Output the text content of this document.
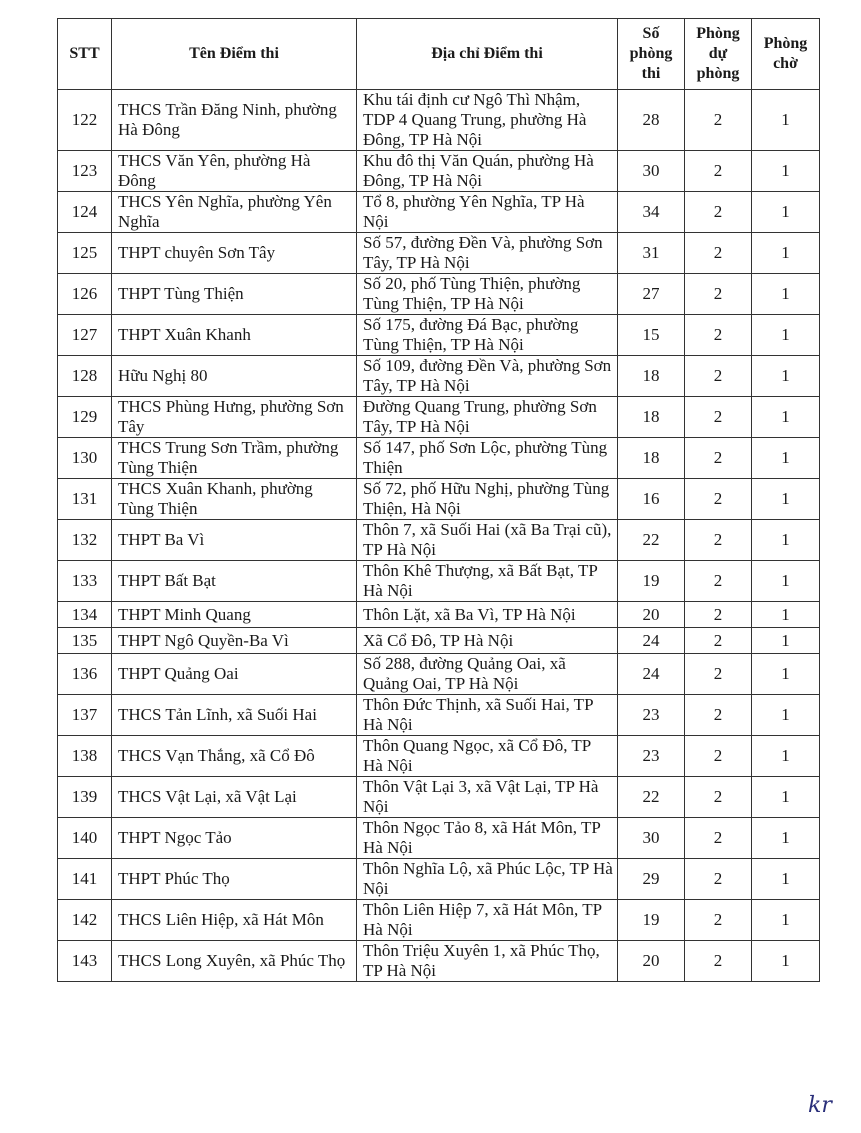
STT	Tên Điểm thi	Địa chỉ Điểm thi	Số phòng thi	Phòng dự phòng	Phòng chờ
122	THCS Trần Đăng Ninh, phường Hà Đông	Khu tái định cư Ngô Thì Nhậm, TDP 4 Quang Trung, phường Hà Đông, TP Hà Nội	28	2	1
123	THCS Văn Yên, phường Hà Đông	Khu đô thị Văn Quán, phường Hà Đông, TP Hà Nội	30	2	1
124	THCS Yên Nghĩa, phường Yên Nghĩa	Tổ 8, phường Yên Nghĩa, TP Hà Nội	34	2	1
125	THPT chuyên Sơn Tây	Số 57, đường Đền Và, phường Sơn Tây, TP Hà Nội	31	2	1
126	THPT Tùng Thiện	Số 20, phố Tùng Thiện, phường Tùng Thiện, TP Hà Nội	27	2	1
127	THPT Xuân Khanh	Số 175, đường Đá Bạc, phường Tùng Thiện, TP Hà Nội	15	2	1
128	Hữu Nghị 80	Số 109, đường Đền Và, phường Sơn Tây, TP Hà Nội	18	2	1
129	THCS Phùng Hưng, phường Sơn Tây	Đường Quang Trung, phường Sơn Tây, TP Hà Nội	18	2	1
130	THCS Trung Sơn Trầm, phường Tùng Thiện	Số 147, phố Sơn Lộc, phường Tùng Thiện	18	2	1
131	THCS Xuân Khanh, phường Tùng Thiện	Số 72, phố Hữu Nghị, phường Tùng Thiện, Hà Nội	16	2	1
132	THPT Ba Vì	Thôn 7, xã Suối Hai (xã Ba Trại cũ), TP Hà Nội	22	2	1
133	THPT Bất Bạt	Thôn Khê Thượng, xã Bất Bạt, TP Hà Nội	19	2	1
134	THPT Minh Quang	Thôn Lặt, xã Ba Vì, TP Hà Nội	20	2	1
135	THPT Ngô Quyền-Ba Vì	Xã Cổ Đô, TP Hà Nội	24	2	1
136	THPT Quảng Oai	Số 288, đường Quảng Oai, xã Quảng Oai, TP Hà Nội	24	2	1
137	THCS Tản Lĩnh, xã Suối Hai	Thôn Đức Thịnh, xã Suối Hai, TP Hà Nội	23	2	1
138	THCS Vạn Thắng, xã Cổ Đô	Thôn Quang Ngọc, xã Cổ Đô, TP Hà Nội	23	2	1
139	THCS Vật Lại, xã Vật Lại	Thôn Vật Lại 3, xã Vật Lại, TP Hà Nội	22	2	1
140	THPT Ngọc Tảo	Thôn Ngọc Tảo 8, xã Hát Môn, TP Hà Nội	30	2	1
141	THPT Phúc Thọ	Thôn Nghĩa Lộ, xã Phúc Lộc, TP Hà Nội	29	2	1
142	THCS Liên Hiệp, xã Hát Môn	Thôn Liên Hiệp 7, xã Hát Môn, TP Hà Nội	19	2	1
143	THCS Long Xuyên, xã Phúc Thọ	Thôn Triệu Xuyên 1, xã Phúc Thọ, TP Hà Nội	20	2	1
kr
